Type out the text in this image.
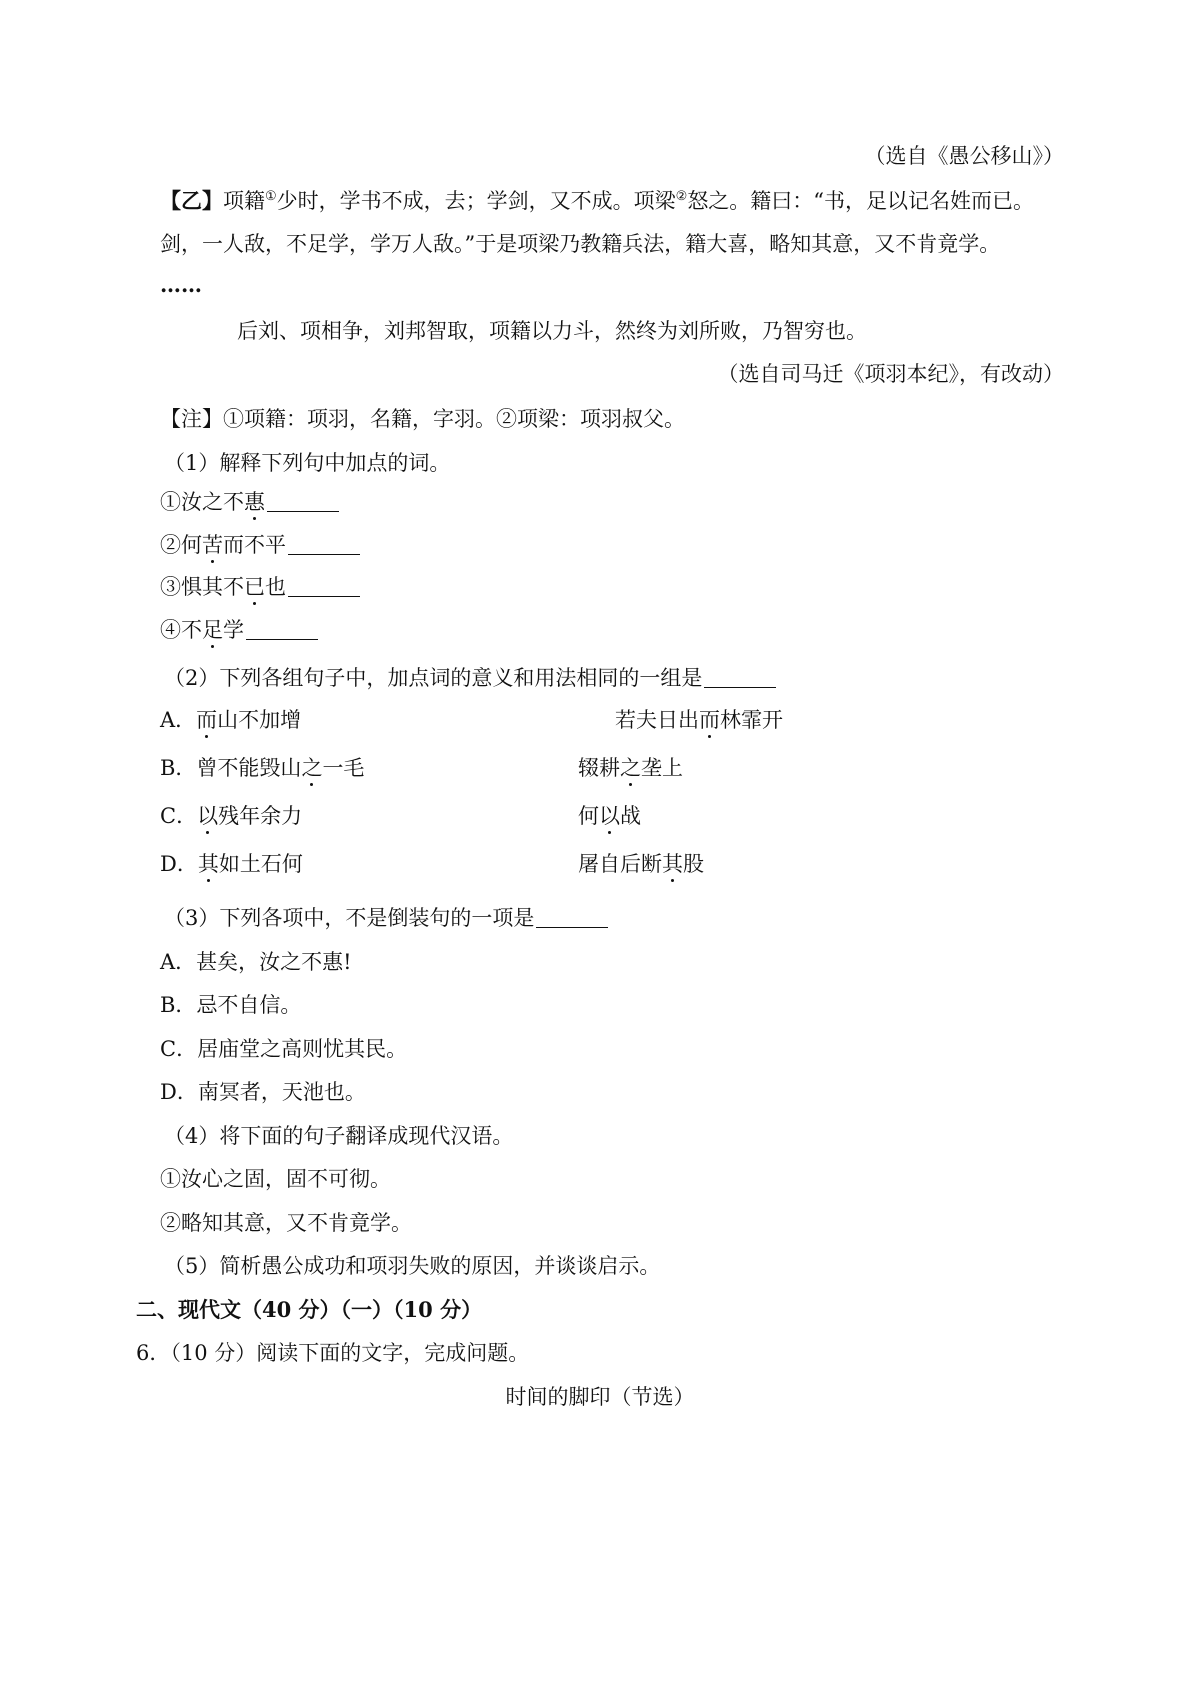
（选自《愚公移山》）
【乙】项籍①少时，学书不成，去；学剑，又不成。项梁②怒之。籍曰：“书，足以记名姓而已。
剑，一人敌，不足学，学万人敌。”于是项梁乃教籍兵法，籍大喜，略知其意，又不肯竟学。
……
后刘、项相争，刘邦智取，项籍以力斗，然终为刘所败，乃智穷也。
（选自司马迁《项羽本纪》，有改动）
【注】①项籍：项羽，名籍，字羽。②项梁：项羽叔父。
（1）解释下列句中加点的词。
①汝之不惠
②何苦而不平
③惧其不已也
④不足学
（2）下列各组句子中，加点词的意义和用法相同的一组是
A．而山不加增	若夫日出而林霏开
B．曾不能毁山之一毛	辍耕之垄上
C．以残年余力	何以战
D．其如土石何	屠自后断其股
（3）下列各项中，不是倒装句的一项是
A．甚矣，汝之不惠!
B．忌不自信。
C．居庙堂之高则忧其民。
D．南冥者，天池也。
（4）将下面的句子翻译成现代汉语。
①汝心之固，固不可彻。
②略知其意，又不肯竟学。
（5）简析愚公成功和项羽失败的原因，并谈谈启示。
二、现代文（40 分）（一）（10 分）
6．（10 分）阅读下面的文字，完成问题。
时间的脚印（节选）
